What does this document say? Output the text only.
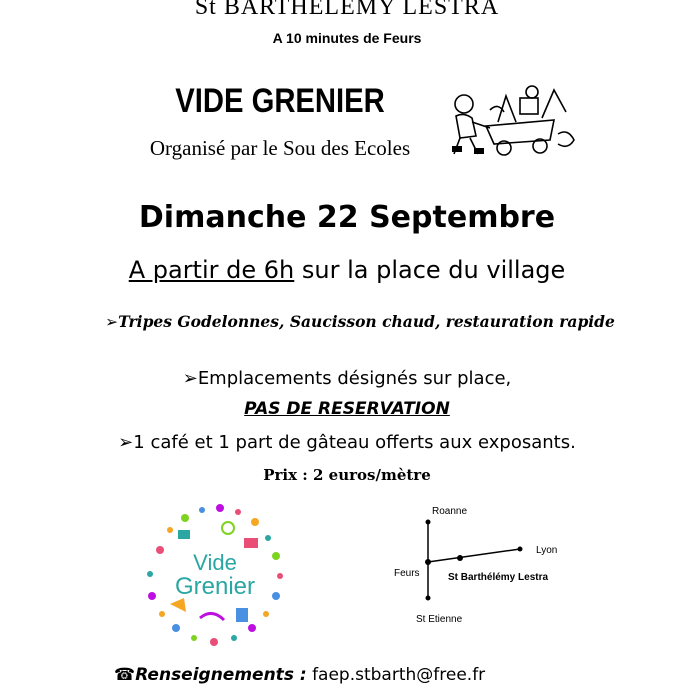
St BARTHELEMY LESTRA
A 10 minutes de Feurs
VIDE GRENIER
Organisé par le Sou des Ecoles
Dimanche 22 Septembre
A partir de 6h sur la place du village
➢Tripes Godelonnes, Saucisson chaud, restauration rapide
➢Emplacements désignés sur place,
PAS DE RESERVATION
➢1 café et 1 part de gâteau offerts aux exposants.
Prix : 2 euros/mètre
Vide
Grenier
Roanne
Lyon
Feurs
St Etienne
St Barthélémy Lestra
☎Renseignements : faep.stbarth@free.fr
